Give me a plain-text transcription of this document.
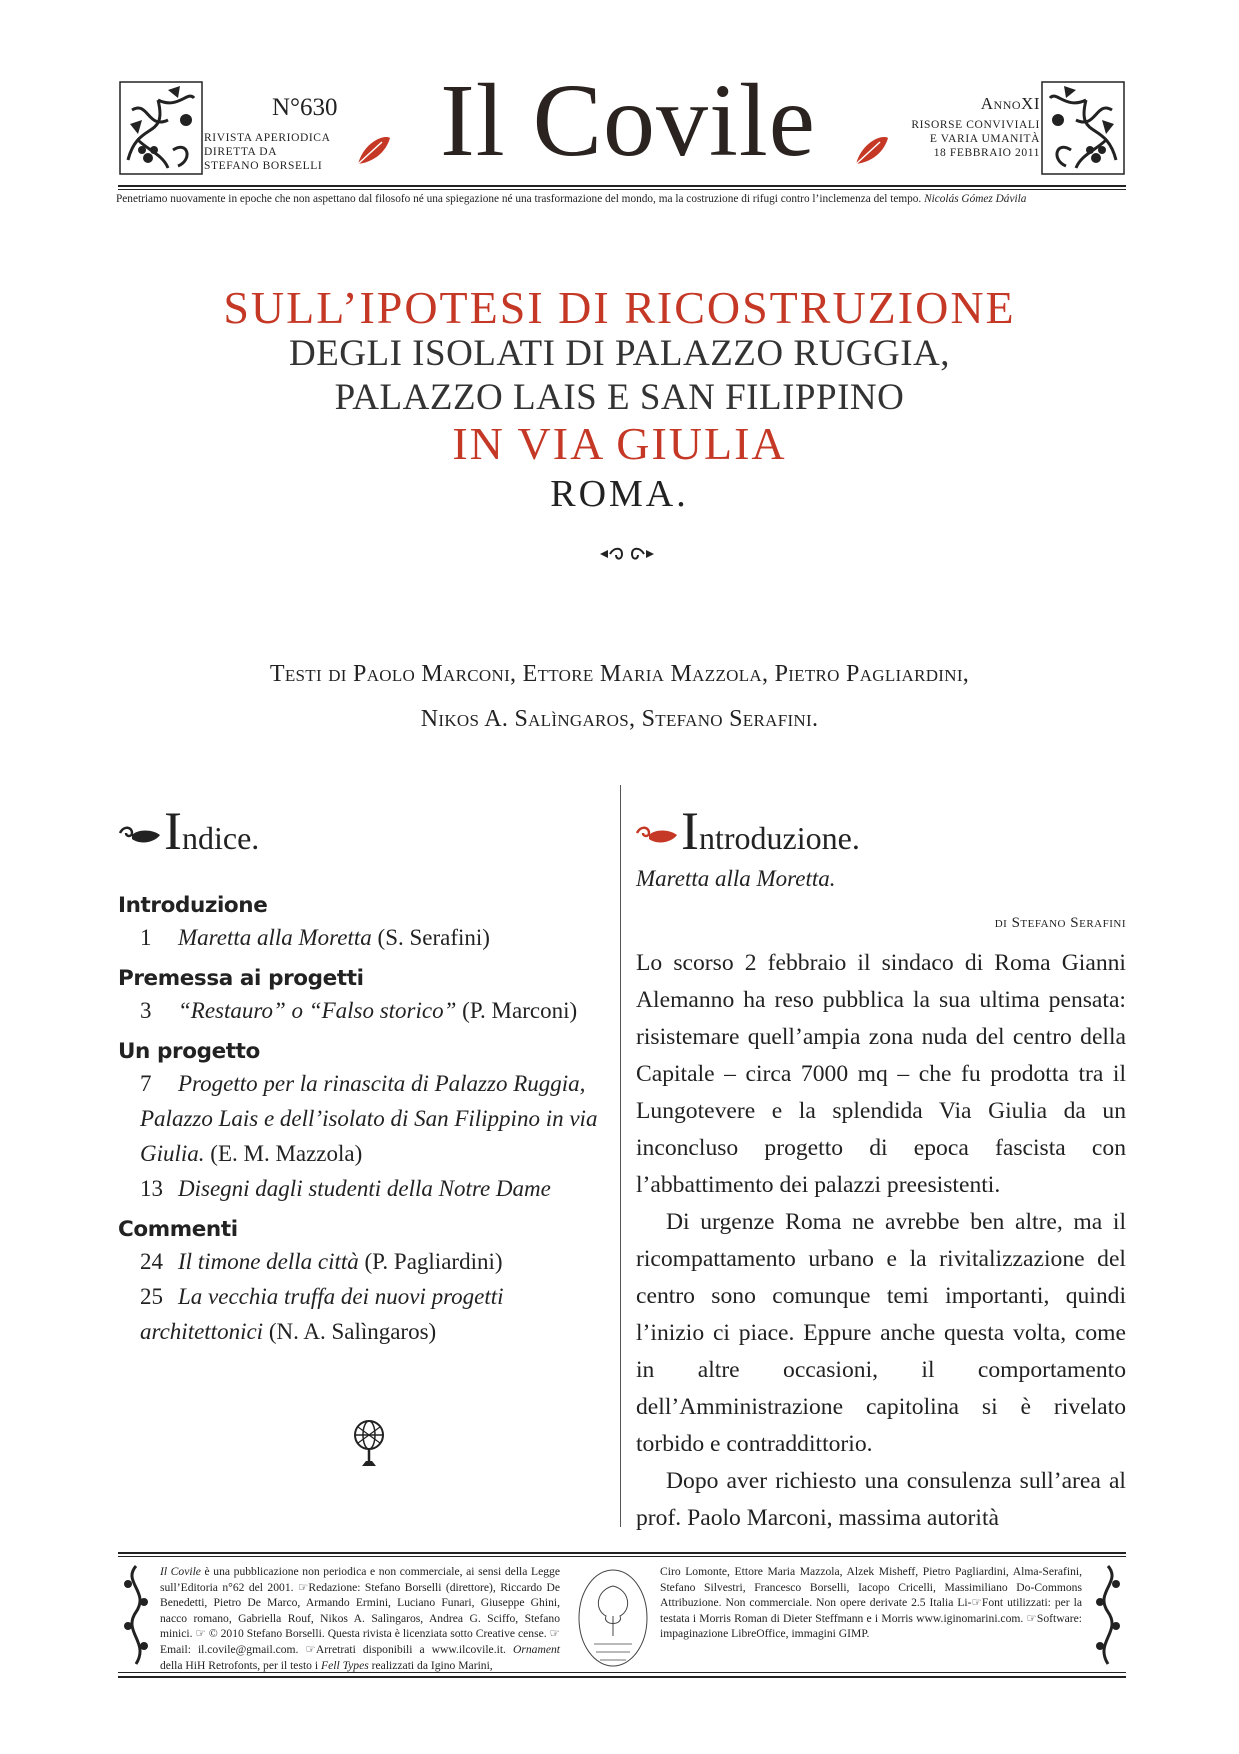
N°630
RIVISTA APERIODICA
DIRETTA DA
STEFANO BORSELLI	Il Covile	AnnoXI
RISORSE CONVIVIALI
E VARIA UMANITÀ
18 FEBBRAIO 2011
Penetriamo nuovamente in epoche che non aspettano dal filosofo né una spiegazione né una trasformazione del mondo, ma la costruzione di rifugi contro l’inclemenza del tempo. Nicolás Gómez Dávila
SULL’IPOTESI DI RICOSTRUZIONE
DEGLI ISOLATI DI PALAZZO RUGGIA,
PALAZZO LAIS E SAN FILIPPINO
IN VIA GIULIA
ROMA.
Testi di Paolo Marconi, Ettore Maria Mazzola, Pietro Pagliardini,
Nikos A. Salìngaros, Stefano Serafini.
Indice.
Introduzione
1 Maretta alla Moretta (S. Serafini)
Premessa ai progetti
3 “Restauro” o “Falso storico” (P. Marconi)
Un progetto
7 Progetto per la rinascita di Palazzo Ruggia, Palazzo Lais e dell’isolato di San Filippino in via Giulia. (E. M. Mazzola)
13 Disegni dagli studenti della Notre Dame
Commenti
24 Il timone della città (P. Pagliardini)
25 La vecchia truffa dei nuovi progetti architettonici (N. A. Salìngaros)
Introduzione.
Maretta alla Moretta.
di Stefano Serafini

Lo scorso 2 febbraio il sindaco di Roma Gianni Alemanno ha reso pubblica la sua ultima pensata: risistemare quell’ampia zona nuda del centro della Capitale – circa 7000 mq – che fu prodotta tra il Lungotevere e la splendida Via Giulia da un inconcluso progetto di epoca fascista con l’abbattimento dei palazzi preesistenti.

Di urgenze Roma ne avrebbe ben altre, ma il ricompattamento urbano e la rivitalizzazione del centro sono comunque temi importanti, quindi l’inizio ci piace. Eppure anche questa volta, come in altre occasioni, il comportamento dell’Amministrazione capitolina si è rivelato torbido e contraddittorio.

Dopo aver richiesto una consulenza sull’area al prof. Paolo Marconi, massima autorità

Il Covile è una pubblicazione non periodica e non commerciale, ai sensi della Legge sull’Editoria n°62 del 2001. ☞Redazione: Stefano Borselli (direttore), Riccardo De Benedetti, Pietro De Marco, Armando Ermini, Luciano Funari, Giuseppe Ghini, nacco romano, Gabriella Rouf, Nikos A. Salìngaros, Andrea G. Sciffo, Stefano minici. ☞ © 2010 Stefano Borselli. Questa rivista è licenziata sotto Creative cense. ☞Email: il.covile@gmail.com. ☞Arretrati disponibili a www.ilcovile.it. Ornament della HiH Retrofonts, per il testo i Fell Types realizzati da Igino Marini,
Ciro Lomonte, Ettore Maria Mazzola, Alzek Misheff, Pietro Pagliardini, Alma-Serafini, Stefano Silvestri, Francesco Borselli, Iacopo Cricelli, Massimiliano Do-Commons Attribuzione. Non commerciale. Non opere derivate 2.5 Italia Li-☞Font utilizzati: per la testata i Morris Roman di Dieter Steffmann e i Morris www.iginomarini.com. ☞Software: impaginazione LibreOffice, immagini GIMP.
